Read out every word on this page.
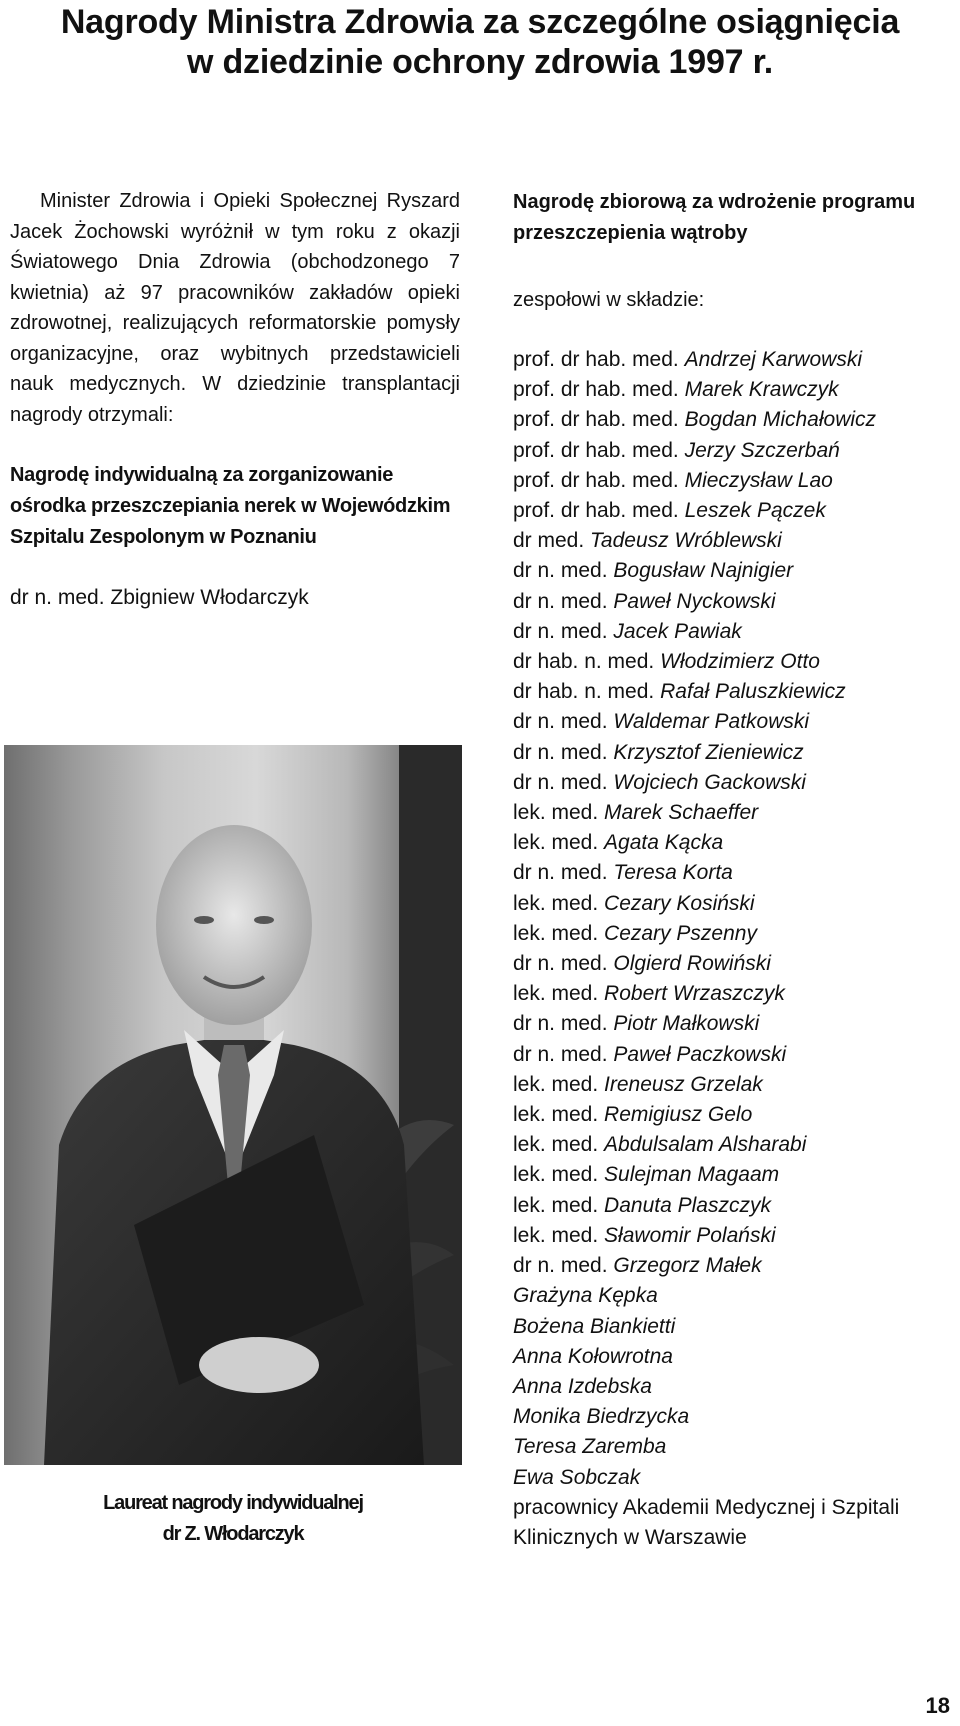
Nagrody Ministra Zdrowia za szczególne osiągnięcia
w dziedzinie ochrony zdrowia 1997 r.

Minister Zdrowia i Opieki Społecznej Ryszard Jacek Żochowski wyróżnił w tym roku z okazji Światowego Dnia Zdrowia (obchodzonego 7 kwietnia) aż 97 pracowników zakładów opieki zdrowotnej, realizujących reformatorskie pomysły organizacyjne, oraz wybitnych przedstawicieli nauk medycznych. W dziedzinie transplantacji nagrody otrzymali:

Nagrodę indywidualną za zorganizowanie ośrodka przeszczepiania nerek w Wojewódzkim Szpitalu Zespolonym w Poznaniu

dr n. med. Zbigniew Włodarczyk

Laureat nagrody indywidualnej
dr Z. Włodarczyk

Nagrodę zbiorową za wdrożenie programu przeszczepienia wątroby

zespołowi w składzie:

prof. dr hab. med. Andrzej Karwowski
prof. dr hab. med. Marek Krawczyk
prof. dr hab. med. Bogdan Michałowicz
prof. dr hab. med. Jerzy Szczerbań
prof. dr hab. med. Mieczysław Lao
prof. dr hab. med. Leszek Pączek
dr med. Tadeusz Wróblewski
dr n. med. Bogusław Najnigier
dr n. med. Paweł Nyckowski
dr n. med. Jacek Pawiak
dr hab. n. med. Włodzimierz Otto
dr hab. n. med. Rafał Paluszkiewicz
dr n. med. Waldemar Patkowski
dr n. med. Krzysztof Zieniewicz
dr n. med. Wojciech Gackowski
lek. med. Marek Schaeffer
lek. med. Agata Kącka
dr n. med. Teresa Korta
lek. med. Cezary Kosiński
lek. med. Cezary Pszenny
dr n. med. Olgierd Rowiński
lek. med. Robert Wrzaszczyk
dr n. med. Piotr Małkowski
dr n. med. Paweł Paczkowski
lek. med. Ireneusz Grzelak
lek. med. Remigiusz Gelo
lek. med. Abdulsalam Alsharabi
lek. med. Sulejman Magaam
lek. med. Danuta Plaszczyk
lek. med. Sławomir Polański
dr n. med. Grzegorz Małek
Grażyna Kępka
Bożena Biankietti
Anna Kołowrotna
Anna Izdebska
Monika Biedrzycka
Teresa Zaremba
Ewa Sobczak

pracownicy Akademii Medycznej i Szpitali

Klinicznych w Warszawie

18
